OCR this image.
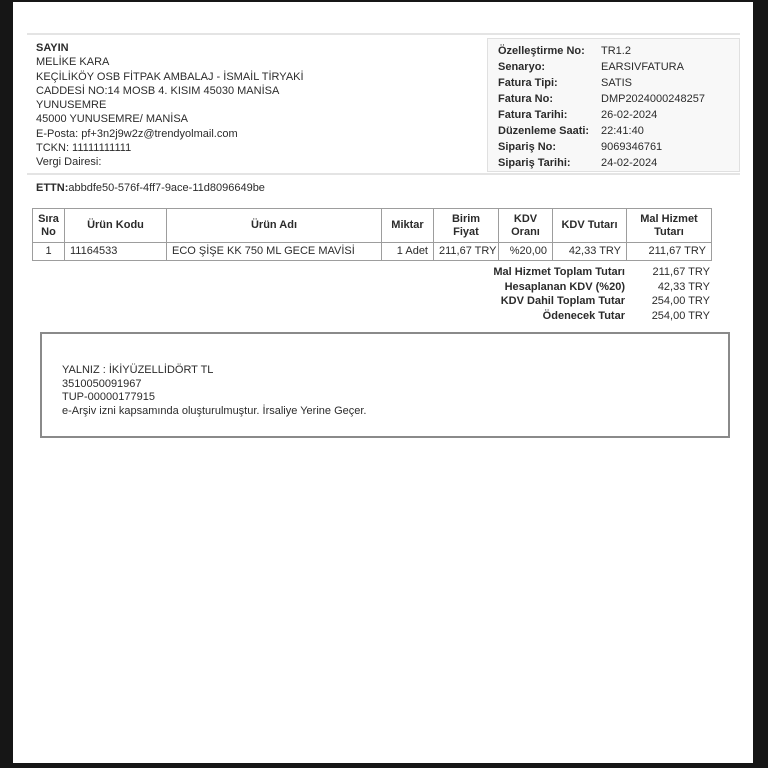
SAYIN
MELİKE KARA
KEÇİLİKÖY OSB FİTPAK AMBALAJ - İSMAİL TİRYAKİ
CADDESİ NO:14 MOSB 4. KISIM 45030 MANİSA
YUNUSEMRE
45000 YUNUSEMRE/ MANİSA
E-Posta: pf+3n2j9w2z@trendyolmail.com
TCKN: 11111111111
Vergi Dairesi:
Özelleştirme No:	TR1.2
Senaryo:	EARSIVFATURA
Fatura Tipi:	SATIS
Fatura No:	DMP2024000248257
Fatura Tarihi:	26-02-2024
Düzenleme Saati:	22:41:40
Sipariş No:	9069346761
Sipariş Tarihi:	24-02-2024
ETTN:abbdfe50-576f-4ff7-9ace-11d8096649be
Sıra No	Ürün Kodu	Ürün Adı	Miktar	Birim Fiyat	KDV Oranı	KDV Tutarı	Mal Hizmet Tutarı
1	11164533	ECO ŞİŞE KK 750 ML GECE MAVİSİ	1 Adet	211,67 TRY	%20,00	42,33 TRY	211,67 TRY
Mal Hizmet Toplam Tutarı	211,67 TRY
Hesaplanan KDV (%20)	42,33 TRY
KDV Dahil Toplam Tutar	254,00 TRY
Ödenecek Tutar	254,00 TRY
YALNIZ : İKİYÜZELLİDÖRT TL
3510050091967
TUP-00000177915
e-Arşiv izni kapsamında oluşturulmuştur. İrsaliye Yerine Geçer.
